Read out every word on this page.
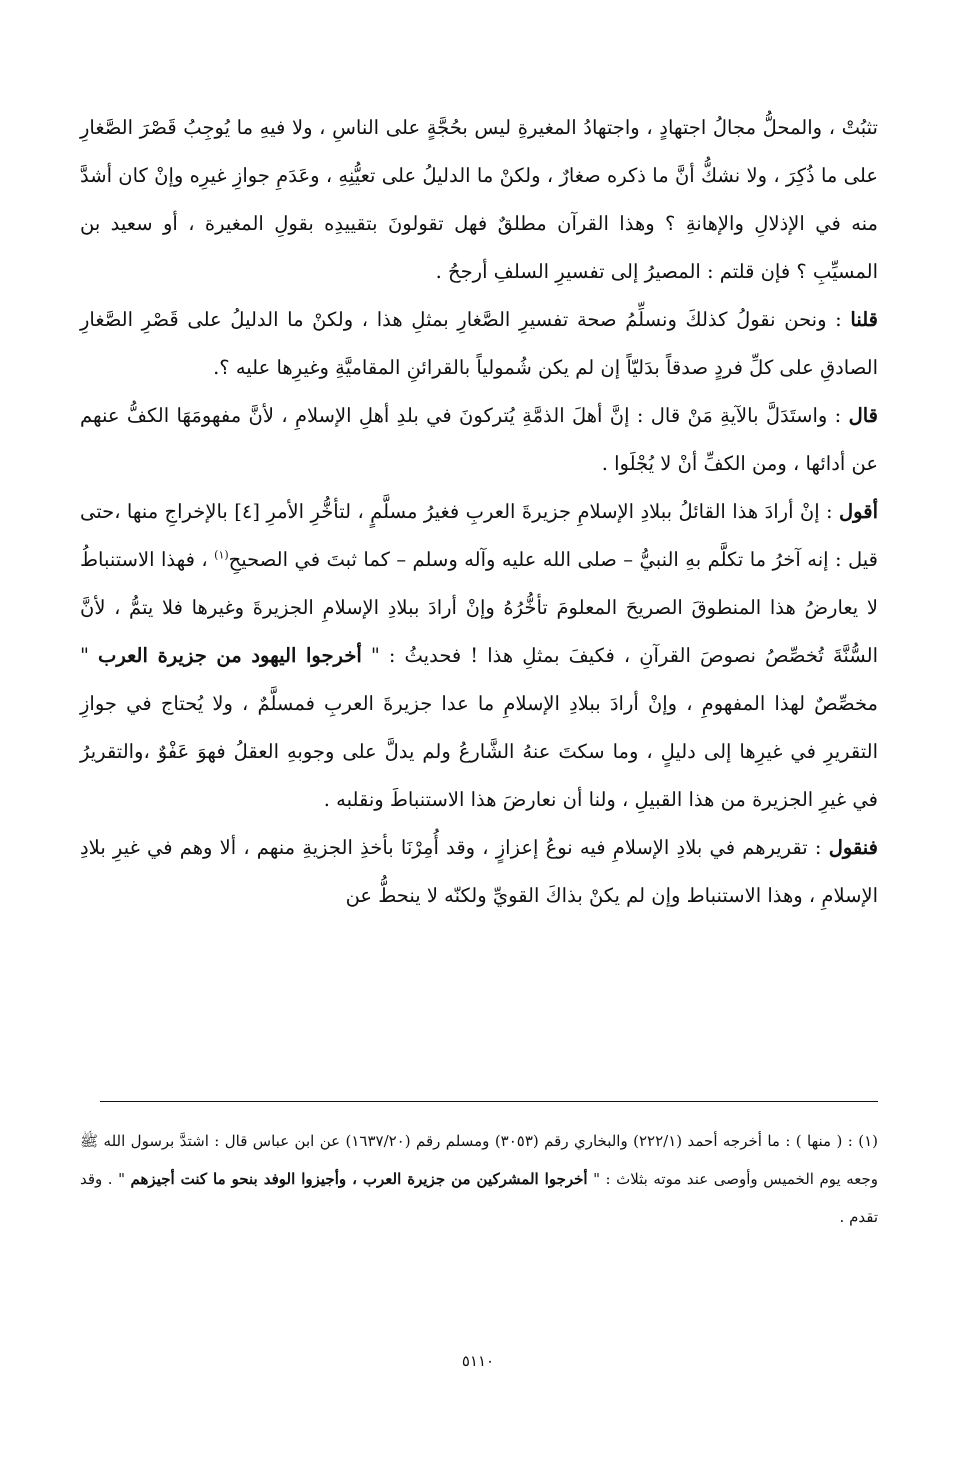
تثبُتْ ، والمحلُّ مجالُ اجتهادٍ ، واجتهادُ المغيرةِ ليس بحُجَّةٍ على الناسِ ، ولا فيهِ ما يُوجِبُ قَصْرَ الصَّغارِ على ما ذُكِرَ ، ولا نشكُّ أنَّ ما ذكره صغارٌ ، ولكنْ ما الدليلُ على تعيُّنِهِ ، وعَدَمِ جوازِ غيرِه وإنْ كان أشدَّ منه في الإذلالِ والإهانةِ ؟ وهذا القرآن مطلقٌ فهل تقولونَ بتقييدِه بقولِ المغيرة ، أو سعيد بن المسيِّبِ ؟ فإن قلتم : المصيرُ إلى تفسيرِ السلفِ أرجحُ .

قلنا : ونحن نقولُ كذلكَ ونسلِّمُ صحة تفسيرِ الصَّغارِ بمثلِ هذا ، ولكنْ ما الدليلُ على قَصْرِ الصَّغارِ الصادقِ على كلِّ فردٍ صدقاً بدَليّاً إن لم يكن شُمولياً بالقرائنِ المقاميَّةِ وغيرِها عليه ؟.

قال : واستَدَلَّ بالآيةِ مَنْ قال : إنَّ أهلَ الذمَّةِ يُتركونَ في بلدِ أهلِ الإسلامِ ، لأنَّ مفهومَهَا الكفُّ عنهم عن أدائها ، ومن الكفِّ أنْ لا يُجْلَوا .

أقول : إنْ أرادَ هذا القائلُ ببلادِ الإسلامِ جزيرةَ العربِ فغيرُ مسلَّمٍ ، لتأخُّرِ الأمرِ [٤] بالإخراجِ منها ،حتى قيل : إنه آخرُ ما تكلَّم بهِ النبيُّ – صلى الله عليه وآله وسلم – كما ثبتَ في الصحيحِ$^{(١)}$ ، فهذا الاستنباطُ لا يعارضُ هذا المنطوقَ الصريحَ المعلومَ تأخُّرُهُ وإنْ أرادَ ببلادِ الإسلامِ الجزيرةَ وغيرها فلا يتمُّ ، لأنَّ السُّنَّةَ تُخصِّصُ نصوصَ القرآنِ ، فكيفَ بمثلِ هذا ! فحديثُ : " أخرجوا اليهود من جزيرة العرب " مخصِّصٌ لهذا المفهومِ ، وإنْ أرادَ ببلادِ الإسلامِ ما عدا جزيرةَ العربِ فمسلَّمٌ ، ولا يُحتاج في جوازِ التقريرِ في غيرِها إلى دليلٍ ، وما سكتَ عنهُ الشَّارعُ ولم يدلَّ على وجوبهِ العقلُ فهوَ عَفْوٌ ،والتقريرُ في غيرِ الجزيرة من هذا القبيلِ ، ولنا أن نعارضَ هذا الاستنباطَ ونقلبه .

فنقول : تقريرهم في بلادِ الإسلامِ فيه نوعُ إعزازٍ ، وقد أُمِرْنَا بأخذِ الجزيةِ منهم ، ألا وهم في غيرِ بلادِ الإسلامِ ، وهذا الاستنباط وإن لم يكنْ بذاكَ القويِّ ولكنّه لا ينحطُّ عن

(١) : ( منها ) : ما أخرجه أحمد (٢٢٢/١) والبخاري رقم (٣٠٥٣) ومسلم رقم (١٦٣٧/٢٠) عن ابن عباس قال : اشتدَّ برسول الله ﷺ وجعه يوم الخميس وأوصى عند موته بثلاث : " أخرجوا المشركين من جزيرة العرب ، وأجيزوا الوفد بنحو ما كنت أجيزهم " . وقد تقدم .

٥١١٠
